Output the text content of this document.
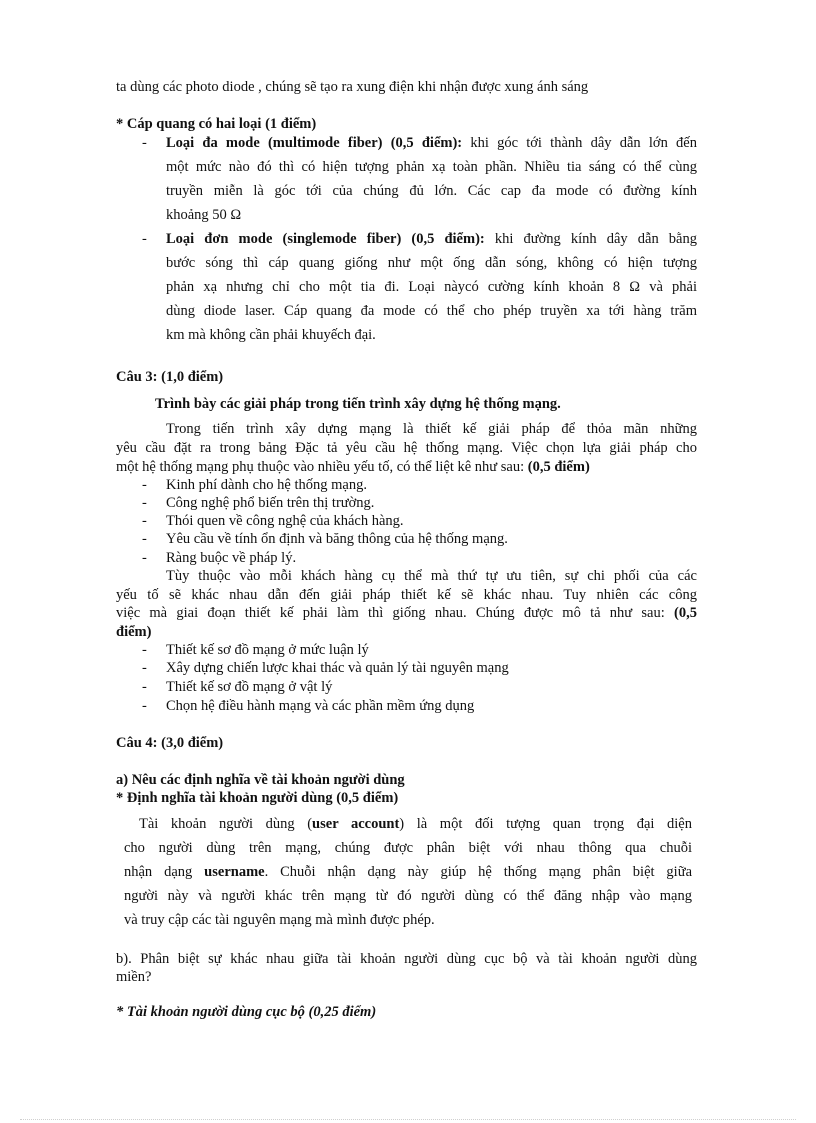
ta dùng các photo diode , chúng sẽ tạo ra xung điện khi nhận được xung ánh sáng
* Cáp quang có hai loại (1 điểm)
- Loại đa mode (multimode fiber) (0,5 điểm): khi góc tới thành dây dẫn lớn đến
một mức nào đó thì có hiện tượng phản xạ toàn phần. Nhiều tia sáng có thể cùng
truyền miễn là góc tới của chúng đủ lớn. Các cap đa mode có đường kính
khoảng 50 Ω
- Loại đơn mode (singlemode fiber) (0,5 điểm): khi đường kính dây dẫn bằng
bước sóng thì cáp quang giống như một ống dẫn sóng, không có hiện tượng
phản xạ nhưng chỉ cho một tia đi. Loại nàycó cường kính khoản 8 Ω và phải
dùng diode laser. Cáp quang đa mode có thể cho phép truyền xa tới hàng trăm
km mà không cần phải khuyếch đại.
Câu 3: (1,0 điểm)
Trình bày các giải pháp trong tiến trình xây dựng hệ thống mạng.
Trong tiến trình xây dựng mạng là thiết kế giải pháp để thỏa mãn những
yêu cầu đặt ra trong bảng Đặc tả yêu cầu hệ thống mạng. Việc chọn lựa giải pháp cho
một hệ thống mạng phụ thuộc vào nhiều yếu tố, có thể liệt kê như sau: (0,5 điểm)
- Kinh phí dành cho hệ thống mạng.
- Công nghệ phổ biến trên thị trường.
- Thói quen về công nghệ của khách hàng.
- Yêu cầu về tính ổn định và băng thông của hệ thống mạng.
- Ràng buộc về pháp lý.
Tùy thuộc vào mỗi khách hàng cụ thể mà thứ tự ưu tiên, sự chi phối của các
yếu tố sẽ khác nhau dẫn đến giải pháp thiết kế sẽ khác nhau. Tuy nhiên các công
việc mà giai đoạn thiết kế phải làm thì giống nhau. Chúng được mô tả như sau: (0,5
điểm)
- Thiết kế sơ đồ mạng ở mức luận lý
- Xây dựng chiến lược khai thác và quản lý tài nguyên mạng
- Thiết kế sơ đồ mạng ở vật lý
- Chọn hệ điều hành mạng và các phần mềm ứng dụng
Câu 4: (3,0 điểm)
a) Nêu các định nghĩa về tài khoản người dùng
* Định nghĩa tài khoản người dùng (0,5 điểm)
Tài khoản người dùng (user account) là một đối tượng quan trọng đại diện
cho người dùng trên mạng, chúng được phân biệt với nhau thông qua chuỗi
nhận dạng username. Chuỗi nhận dạng này giúp hệ thống mạng phân biệt giữa
người này và người khác trên mạng từ đó người dùng có thể đăng nhập vào mạng
và truy cập các tài nguyên mạng mà mình được phép.
b). Phân biệt sự khác nhau giữa tài khoản người dùng cục bộ và tài khoản người dùng
miền?
* Tài khoản người dùng cục bộ (0,25 điểm)
